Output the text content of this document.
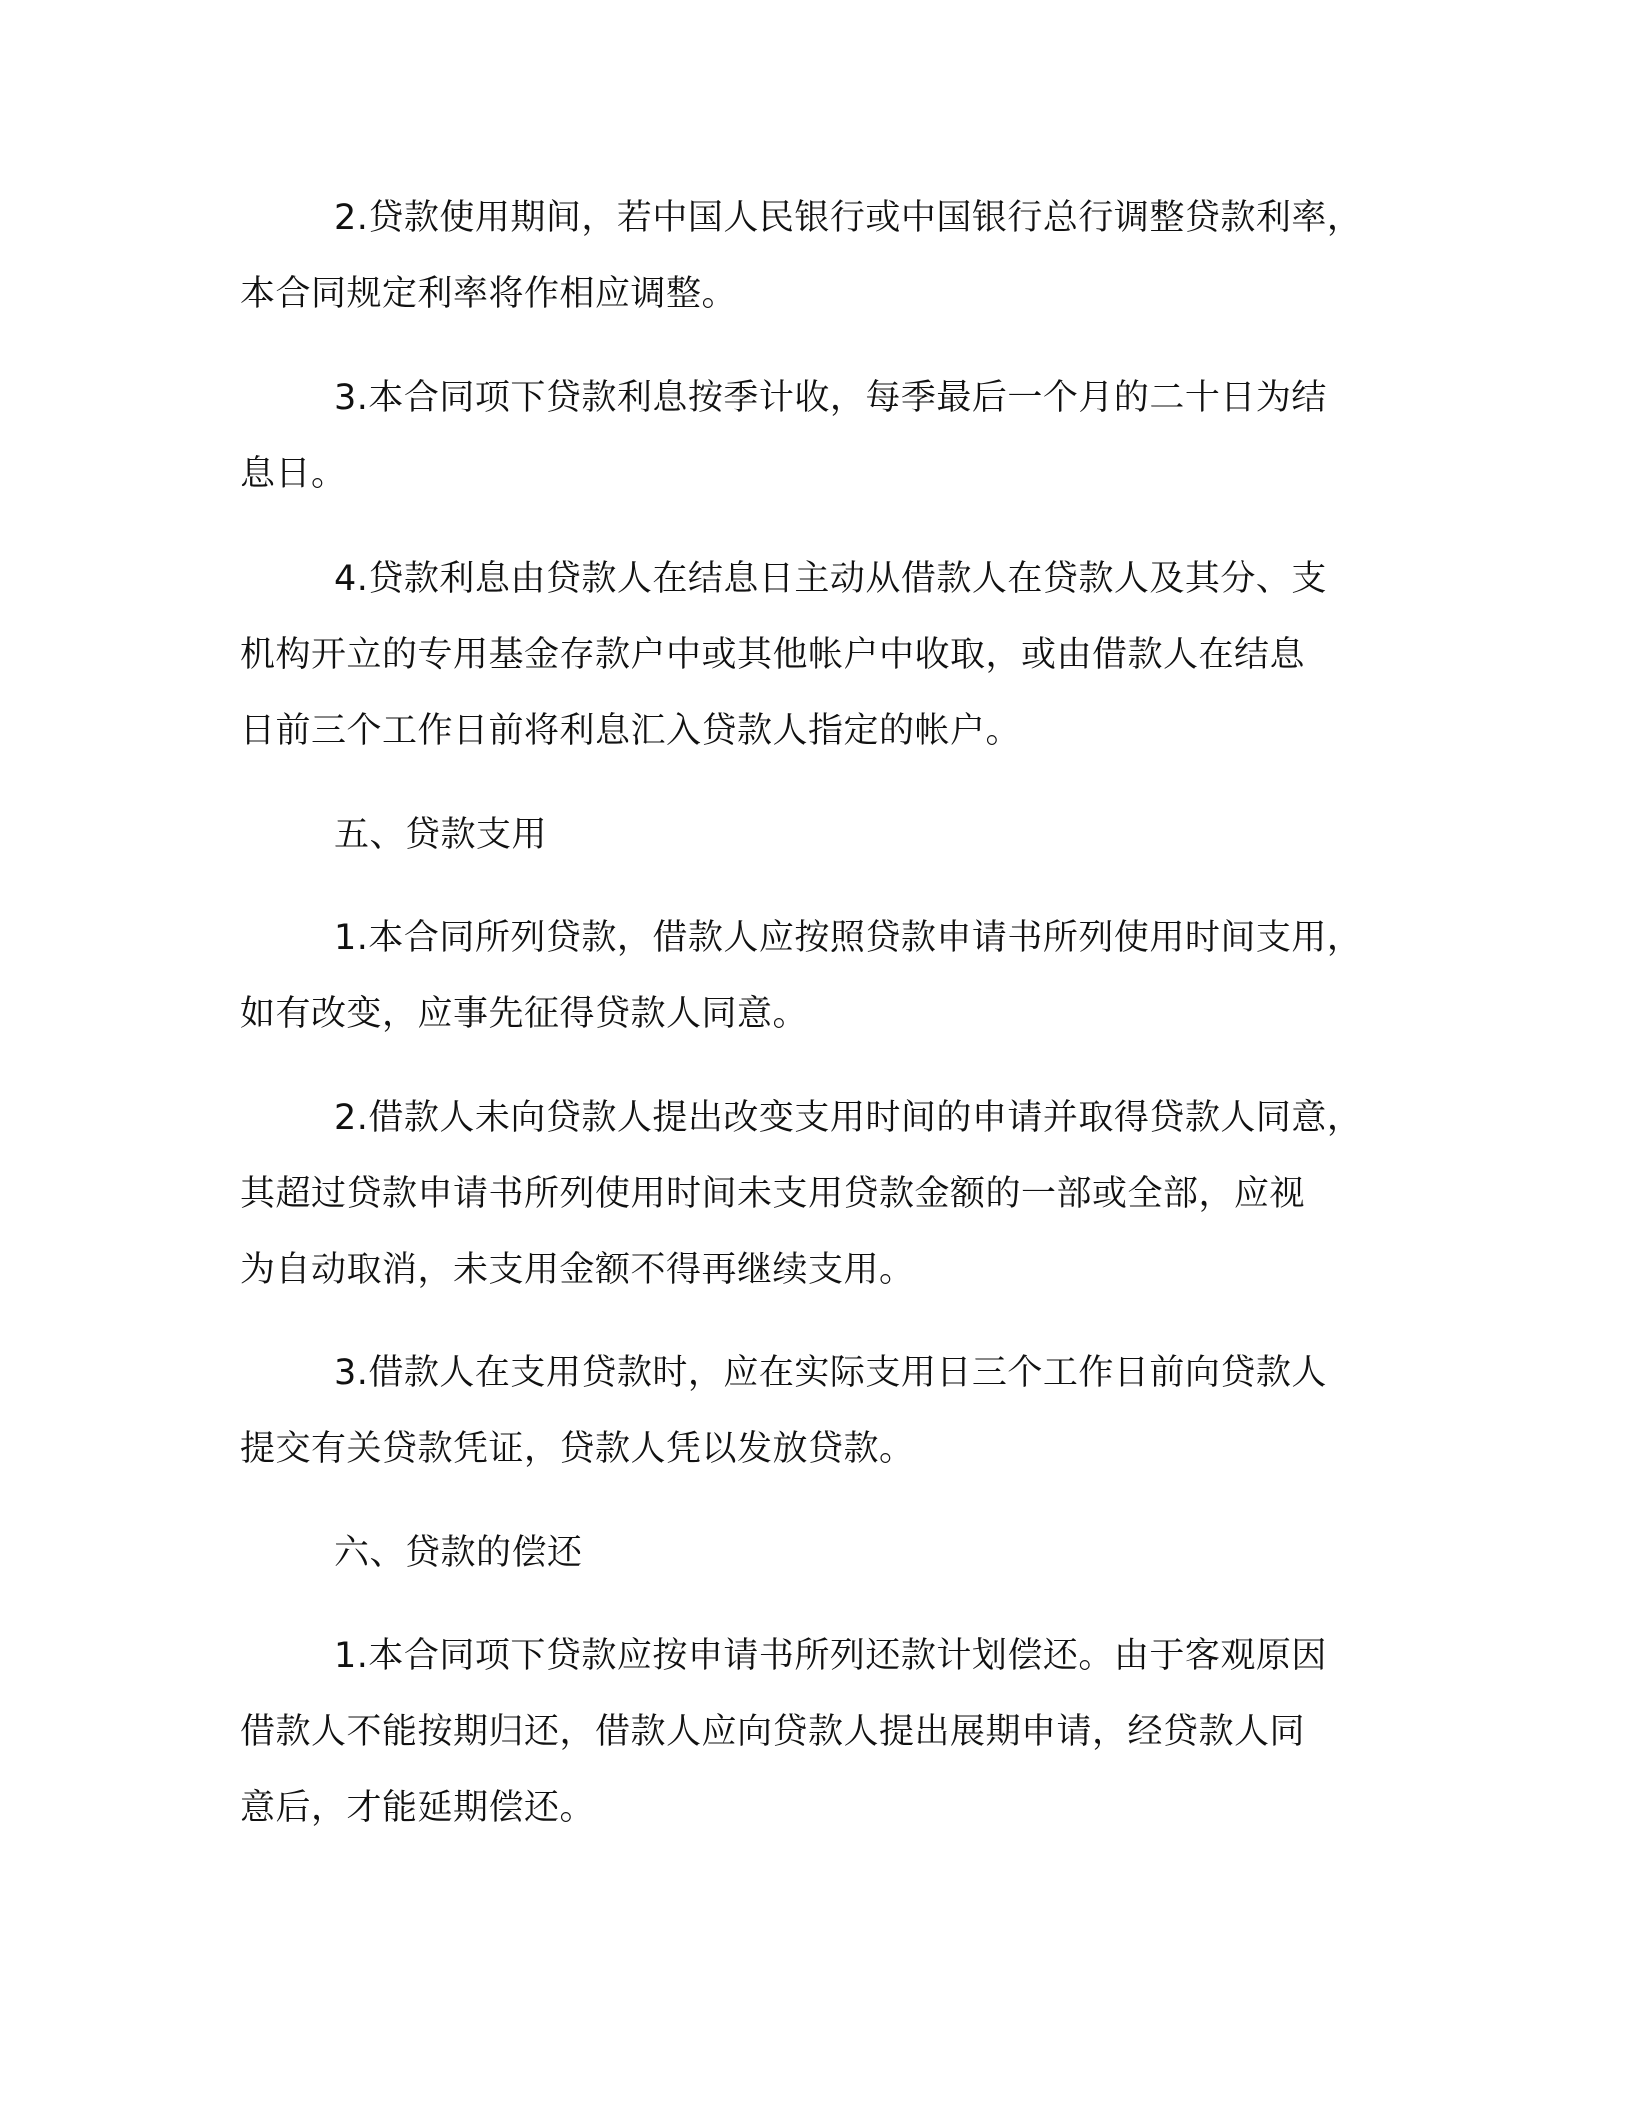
2.贷款使用期间，若中国人民银行或中国银行总行调整贷款利率，
本合同规定利率将作相应调整。
3.本合同项下贷款利息按季计收，每季最后一个月的二十日为结
息日。
4.贷款利息由贷款人在结息日主动从借款人在贷款人及其分、支
机构开立的专用基金存款户中或其他帐户中收取，或由借款人在结息
日前三个工作日前将利息汇入贷款人指定的帐户。
五、贷款支用
1.本合同所列贷款，借款人应按照贷款申请书所列使用时间支用，
如有改变，应事先征得贷款人同意。
2.借款人未向贷款人提出改变支用时间的申请并取得贷款人同意，
其超过贷款申请书所列使用时间未支用贷款金额的一部或全部，应视
为自动取消，未支用金额不得再继续支用。
3.借款人在支用贷款时，应在实际支用日三个工作日前向贷款人
提交有关贷款凭证，贷款人凭以发放贷款。
六、贷款的偿还
1.本合同项下贷款应按申请书所列还款计划偿还。由于客观原因
借款人不能按期归还，借款人应向贷款人提出展期申请，经贷款人同
意后，才能延期偿还。
